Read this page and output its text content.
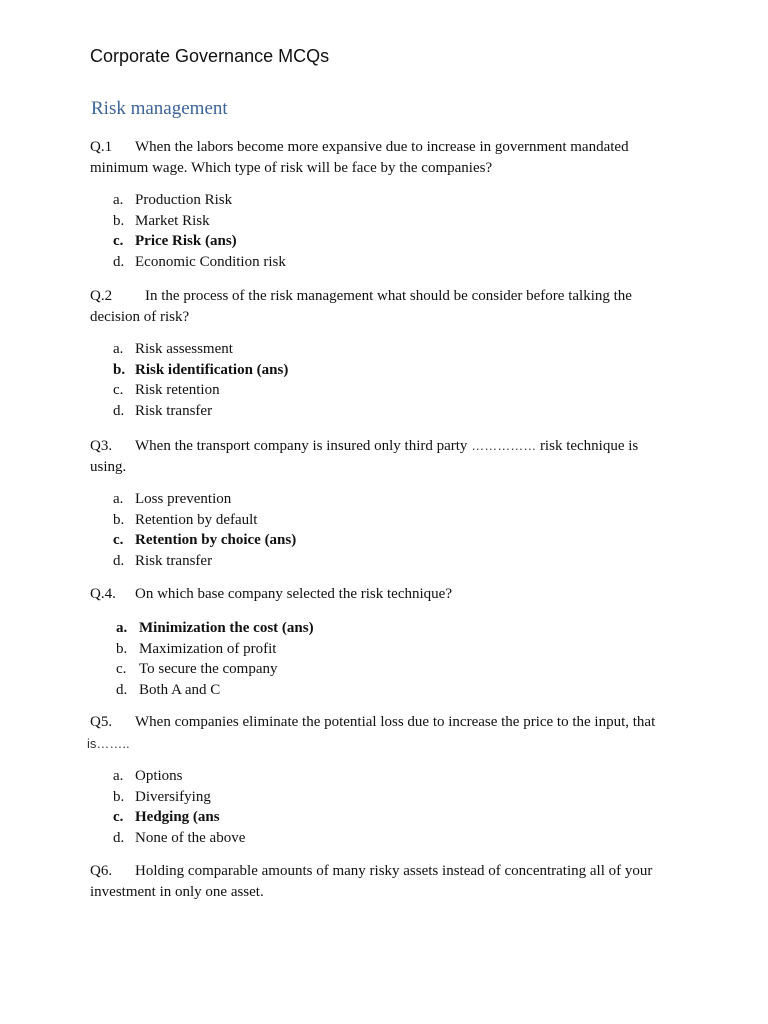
Corporate Governance MCQs
Risk management

Q.1 When the labors become more expansive due to increase in government mandated minimum wage. Which type of risk will be face by the companies?

a. Production Risk
b. Market Risk
c. Price Risk (ans)
d. Economic Condition risk

Q.2 In the process of the risk management what should be consider before talking the decision of risk?

a. Risk assessment
b. Risk identification (ans)
c. Risk retention
d. Risk transfer

Q3. When the transport company is insured only third party …………… risk technique is using.

a. Loss prevention
b. Retention by default
c. Retention by choice (ans)
d. Risk transfer

Q.4. On which base company selected the risk technique?

a. Minimization the cost (ans)
b. Maximization of profit
c. To secure the company
d. Both A and C

Q5. When companies eliminate the potential loss due to increase the price to the input, that

is……..

a. Options
b. Diversifying
c. Hedging (ans
d. None of the above

Q6. Holding comparable amounts of many risky assets instead of concentrating all of your investment in only one asset.
